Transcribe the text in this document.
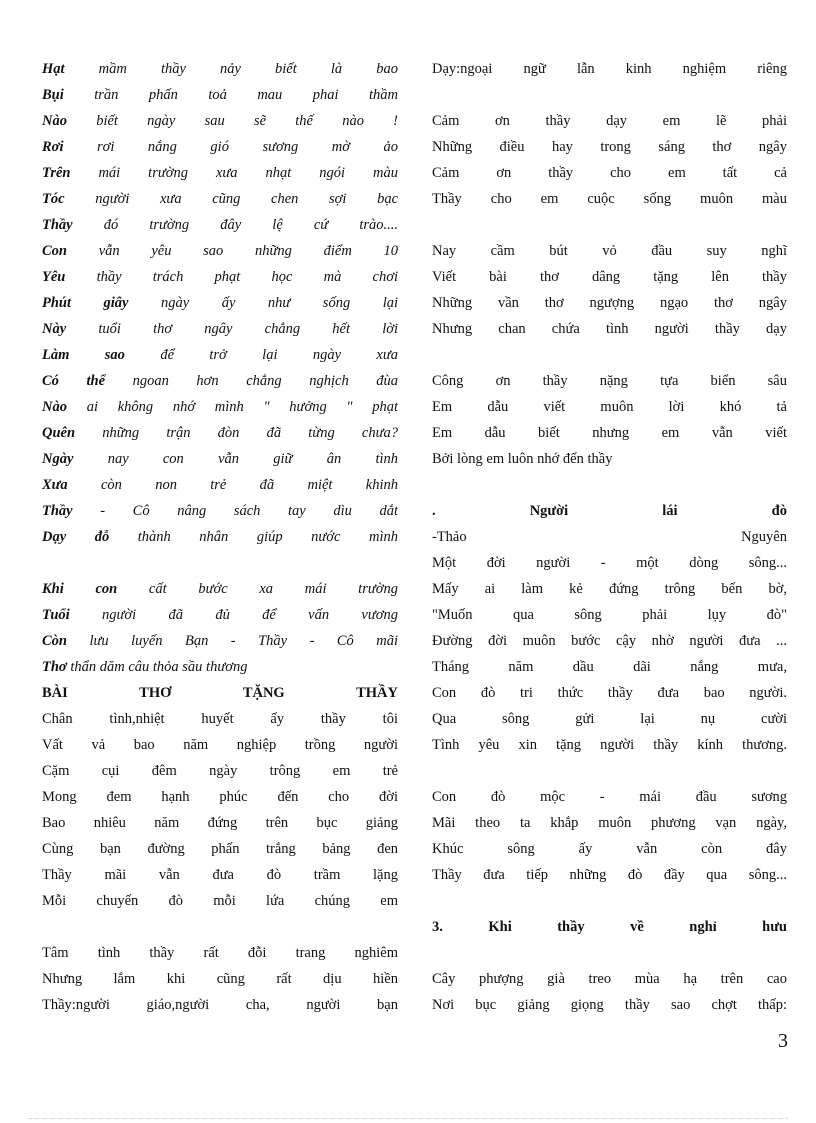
Hạt mầm thầy nảy biết là bao
Bụi trần phấn toả mau phai thầm
Nào biết ngày sau sẽ thế nào !
Rơi rơi nắng gió sương mờ ảo
Trên mái trường xưa nhạt ngói màu
Tóc người xưa cũng chen sợi bạc
Thầy đó trường đây lệ cứ trào....
Con vẫn yêu sao những điểm 10
Yêu thầy trách phạt học mà chơi
Phút giây ngày ấy như sống lại
Này tuổi thơ ngây chẳng hết lời
Làm sao để trở lại ngày xưa
Có thể ngoan hơn chẳng nghịch đùa
Nào ai không nhớ mình " hưởng " phạt
Quên những trận đòn đã từng chưa?
Ngày nay con vẫn giữ ân tình
Xưa còn non trẻ đã miệt khinh
Thầy - Cô nâng sách tay dìu dắt
Dạy đỗ thành nhân giúp nước mình
Khi con cất bước xa mái trường
Tuổi người đã đủ để vấn vương
Còn lưu luyến Bạn - Thầy - Cô mãi
Thơ thẩn dăm câu thỏa sầu thương
BÀI THƠ TẶNG THẦY
Chân tình,nhiệt huyết ấy thầy tôi
Vất vả bao năm nghiệp trồng người
Cặm cụi đêm ngày trông em trẻ
Mong đem hạnh phúc đến cho đời
Bao nhiêu năm đứng trên bục giảng
Cùng bạn đường phấn trắng bảng đen
Thầy mãi vẫn đưa đò trầm lặng
Mỗi chuyến đò mỗi lứa chúng em
Tâm tình thầy rất đỗi trang nghiêm
Nhưng lắm khi cũng rất dịu hiền
Thầy:người giáo,người cha, người bạn
Dạy:ngoại ngữ lẫn kinh nghiệm riêng
Cảm ơn thầy dạy em lẽ phải
Những điều hay trong sáng thơ ngây
Cảm ơn thầy cho em tất cả
Thầy cho em cuộc sống muôn màu
Nay cầm bút vỏ đầu suy nghĩ
Viết bài thơ dâng tặng lên thầy
Những vần thơ ngượng ngạo thơ ngây
Nhưng chan chứa tình người thầy dạy
Công ơn thầy nặng tựa biển sâu
Em dẫu viết muôn lời khó tả
Em dẫu biết nhưng em vẫn viết
Bởi lòng em luôn nhớ đến thầy
. Người lái đò
-Thảo Nguyên
Một đời người - một dòng sông...
Mấy ai làm kẻ đứng trông bến bờ,
"Muốn qua sông phải lụy đò"
Đường đời muôn bước cậy nhờ người đưa ...
Tháng năm dầu dãi nắng mưa,
Con đò tri thức thầy đưa bao người.
Qua sông gửi lại nụ cười
Tình yêu xin tặng người thầy kính thương.
Con đò mộc - mái đầu sương
Mãi theo ta khắp muôn phương vạn ngày,
Khúc sông ấy vẫn còn đây
Thầy đưa tiếp những đò đầy qua sông...
3. Khi thầy về nghỉ hưu
Cây phượng già treo mùa hạ trên cao
Nơi bục giảng giọng thầy sao chợt thấp:
3
